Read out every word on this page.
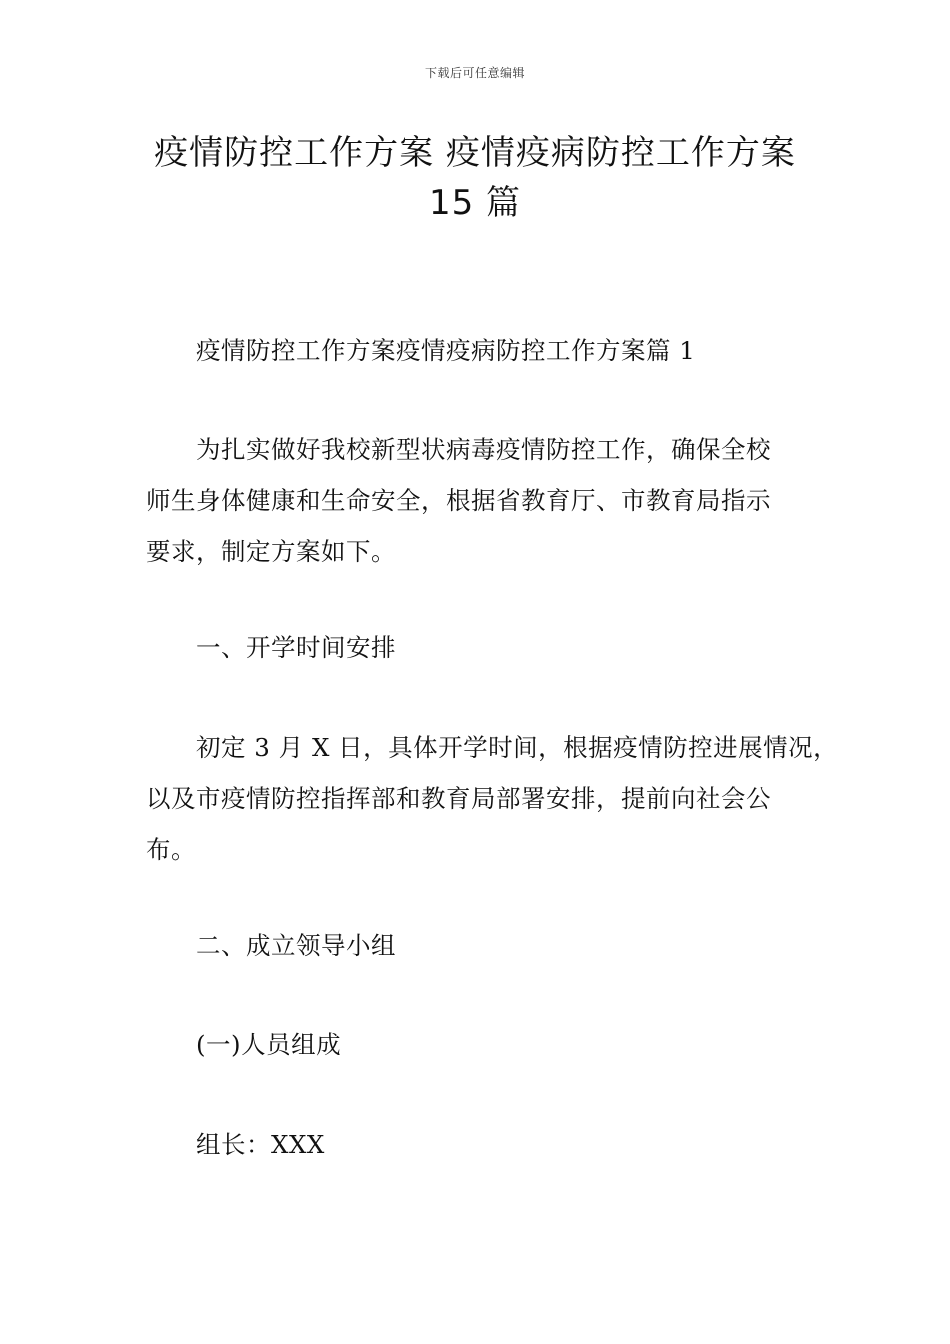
下载后可任意编辑
疫情防控工作方案 疫情疫病防控工作方案
15 篇
疫情防控工作方案疫情疫病防控工作方案篇 1
为扎实做好我校新型状病毒疫情防控工作，确保全校
师生身体健康和生命安全，根据省教育厅、市教育局指示
要求，制定方案如下。
一、开学时间安排
初定 3 月 X 日，具体开学时间，根据疫情防控进展情况，
以及市疫情防控指挥部和教育局部署安排，提前向社会公
布。
二、成立领导小组
(一)人员组成
组长：XXX
